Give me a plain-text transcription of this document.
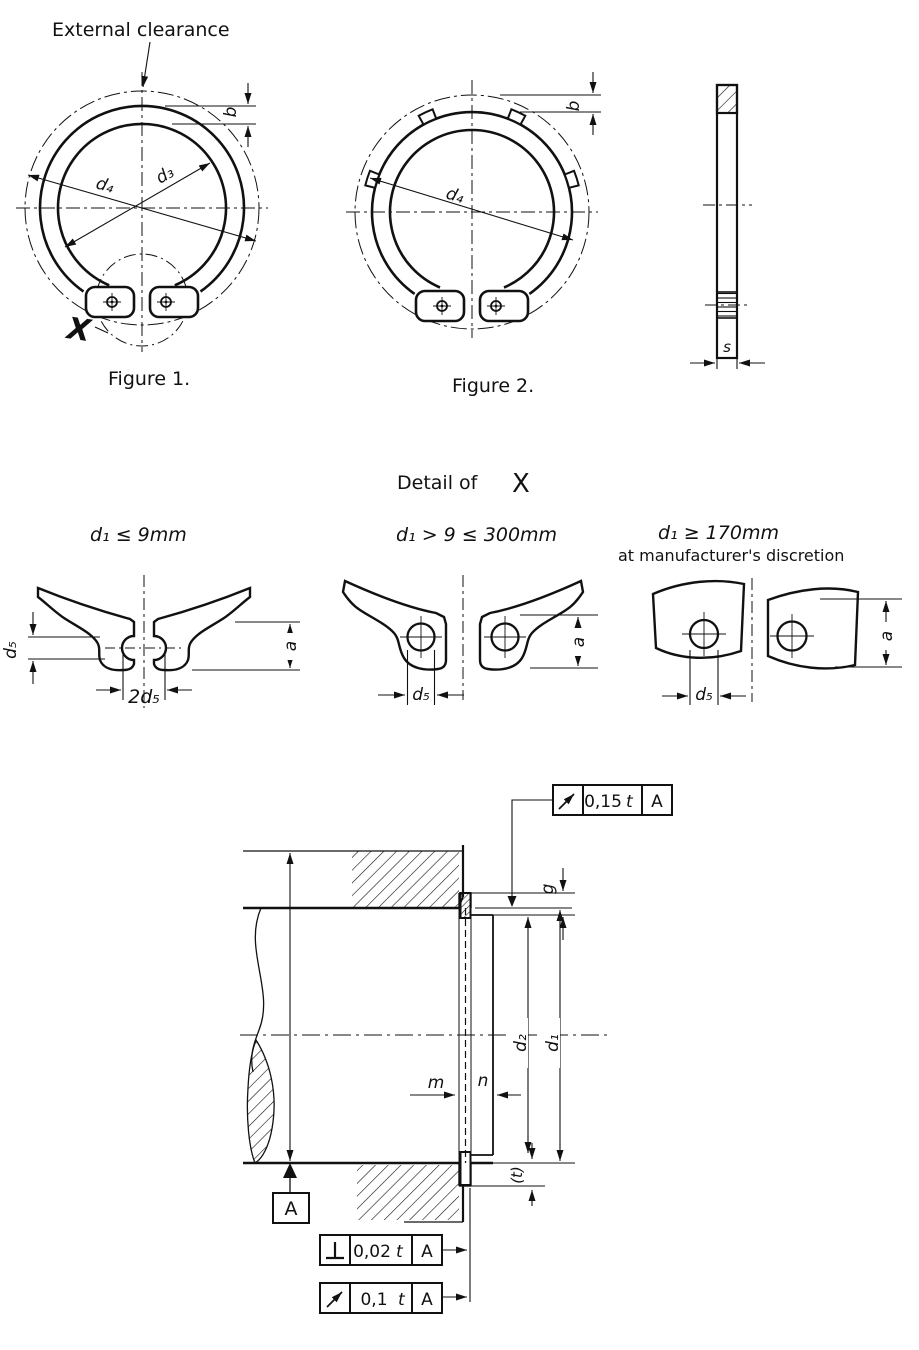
External clearance
X
b
d₄ d₃
Figure 1.
b
d₄
Figure 2.
s
Detail of X
d₁ ≤ 9mm	d₁ > 9 ≤ 300mm	d₁ ≥ 170mm
at manufacturer's discretion
d₅
2d₅
a
d₅
a
d₅
a
0,15 t A
0,02 t A
0,1 t A
A
g
d₂ d₁
m n
(t)
